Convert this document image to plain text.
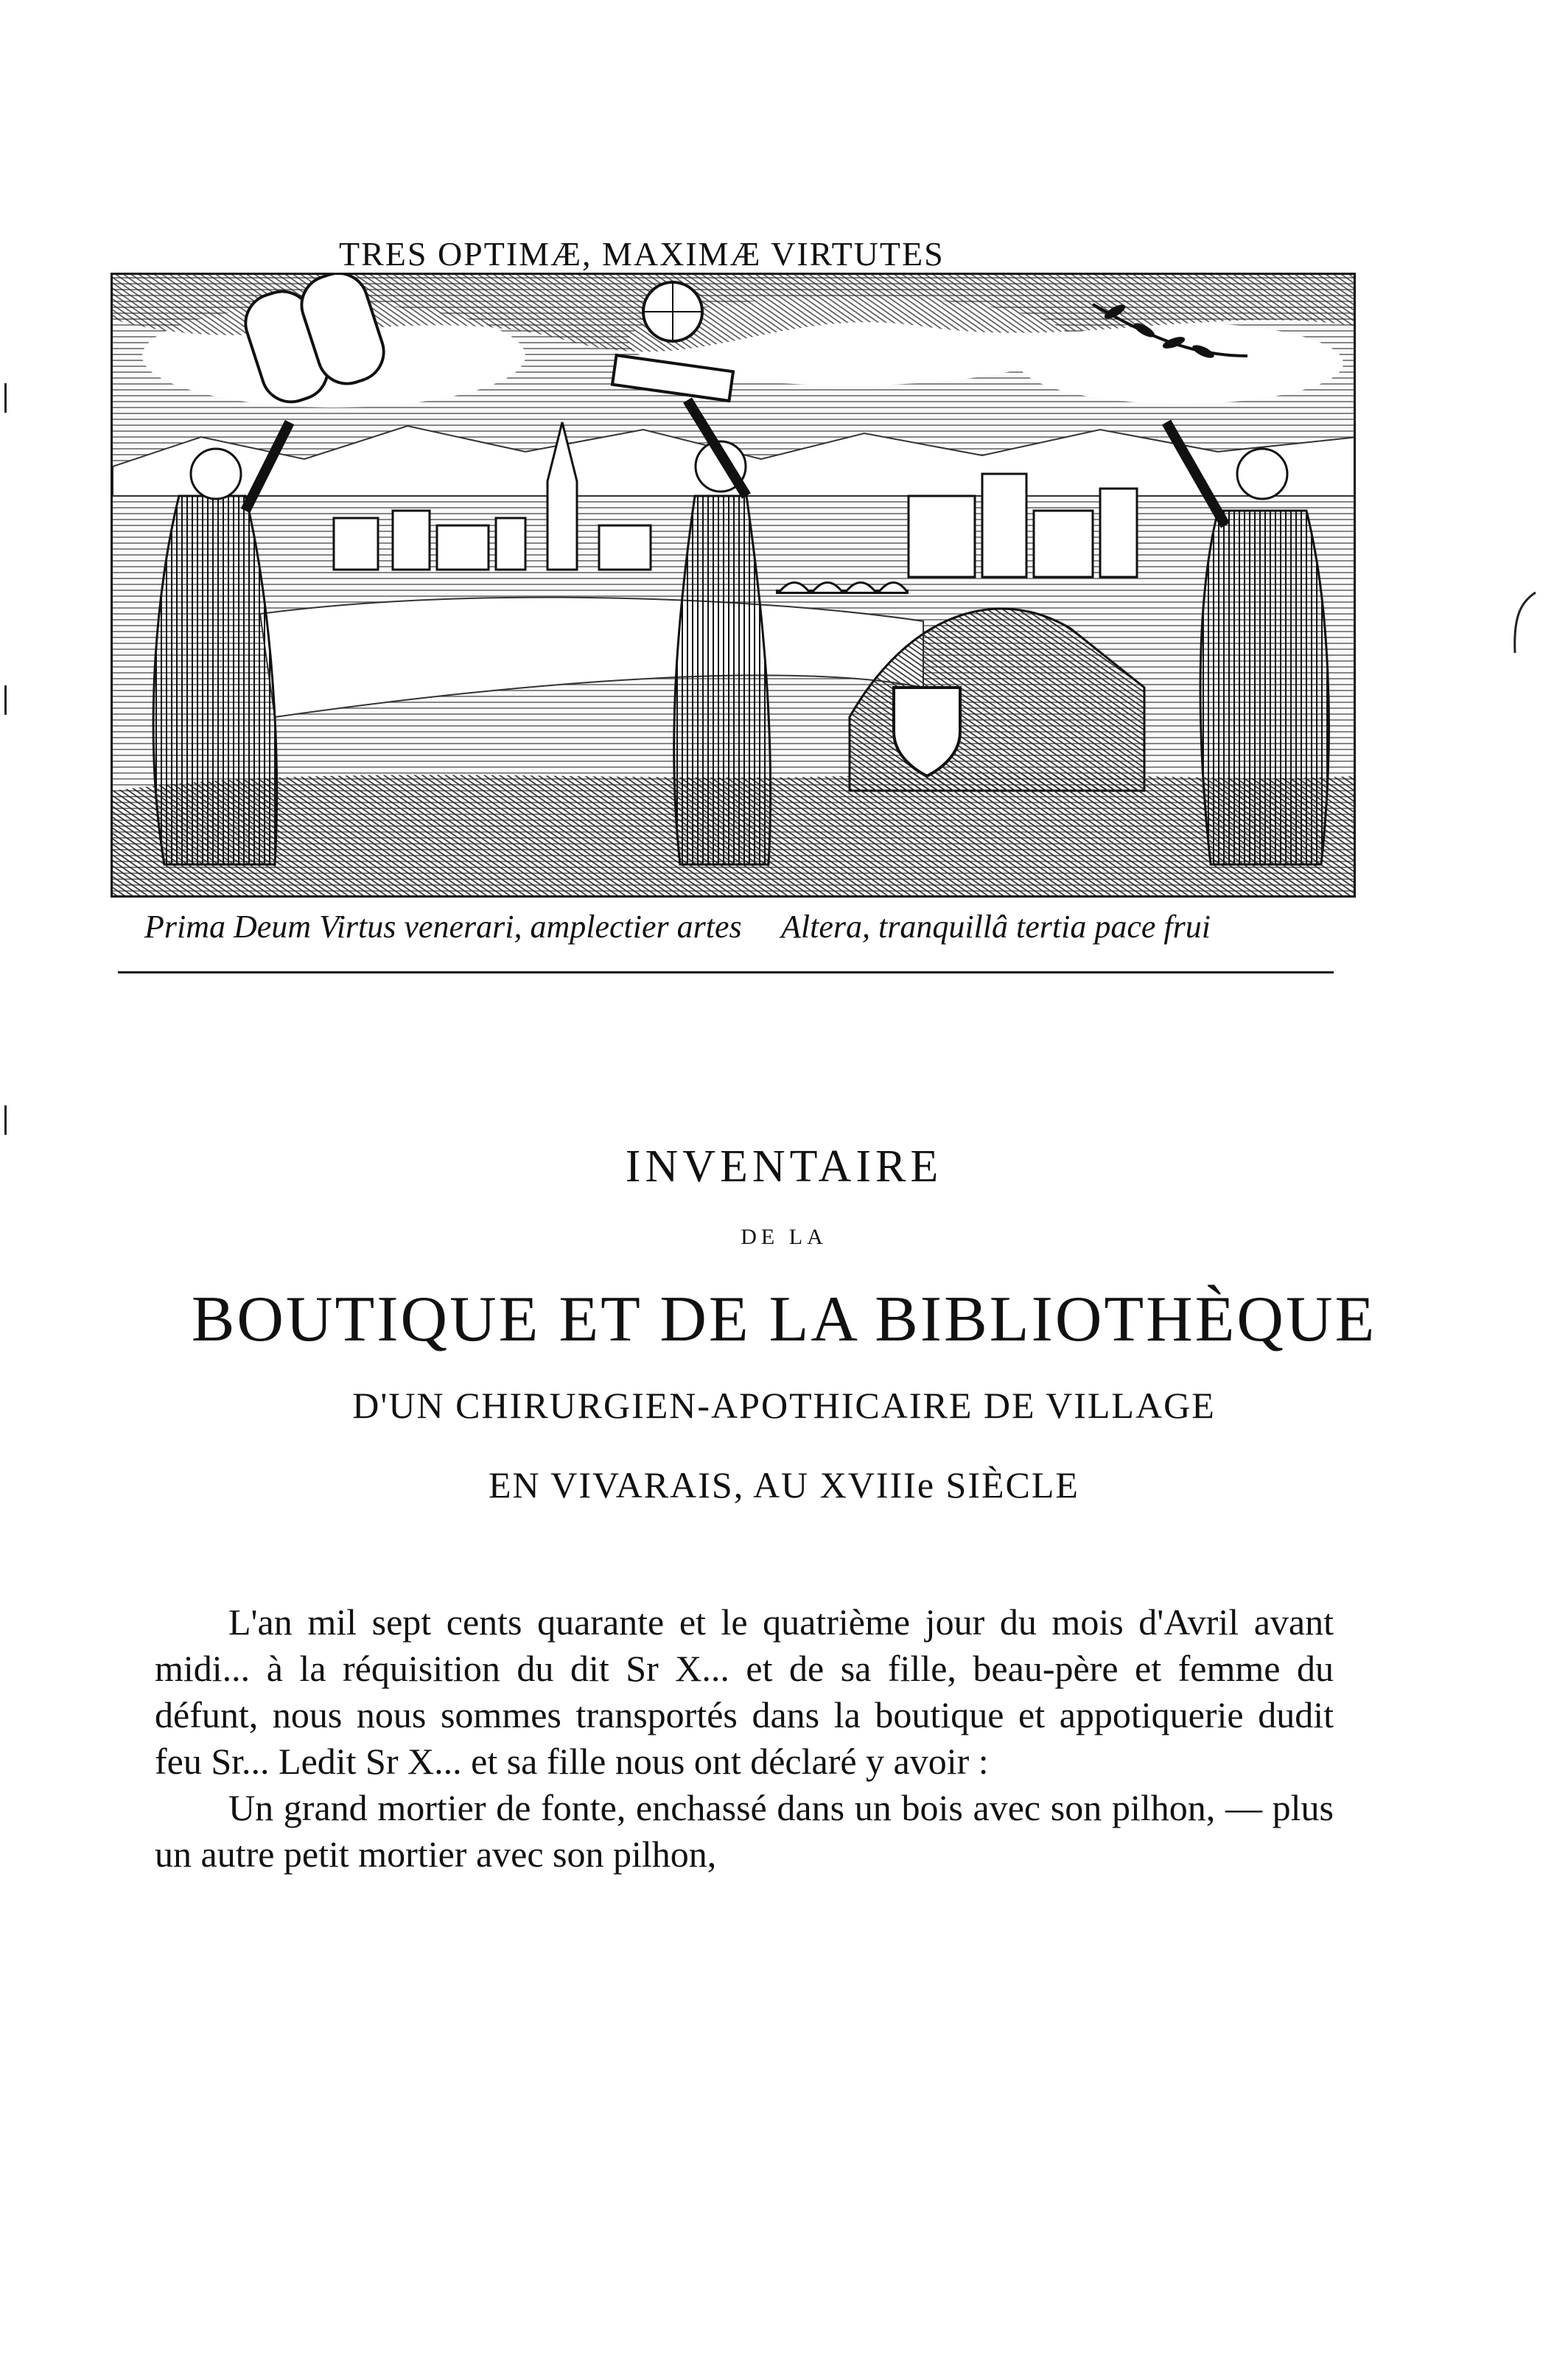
TRES OPTIMÆ, MAXIMÆ VIRTUTES
Prima Deum Virtus venerari, amplectier artes Altera, tranquillâ tertia pace frui
INVENTAIRE
DE LA
BOUTIQUE ET DE LA BIBLIOTHÈQUE
D'UN CHIRURGIEN-APOTHICAIRE DE VILLAGE
EN VIVARAIS, AU XVIIIe SIÈCLE

L'an mil sept cents quarante et le quatrième jour du mois d'Avril avant midi... à la réquisition du dit Sr X... et de sa fille, beau-père et femme du défunt, nous nous sommes transportés dans la boutique et appotiquerie dudit feu Sr... Ledit Sr X... et sa fille nous ont déclaré y avoir :

Un grand mortier de fonte, enchassé dans un bois avec son pilhon, — plus un autre petit mortier avec son pilhon,
